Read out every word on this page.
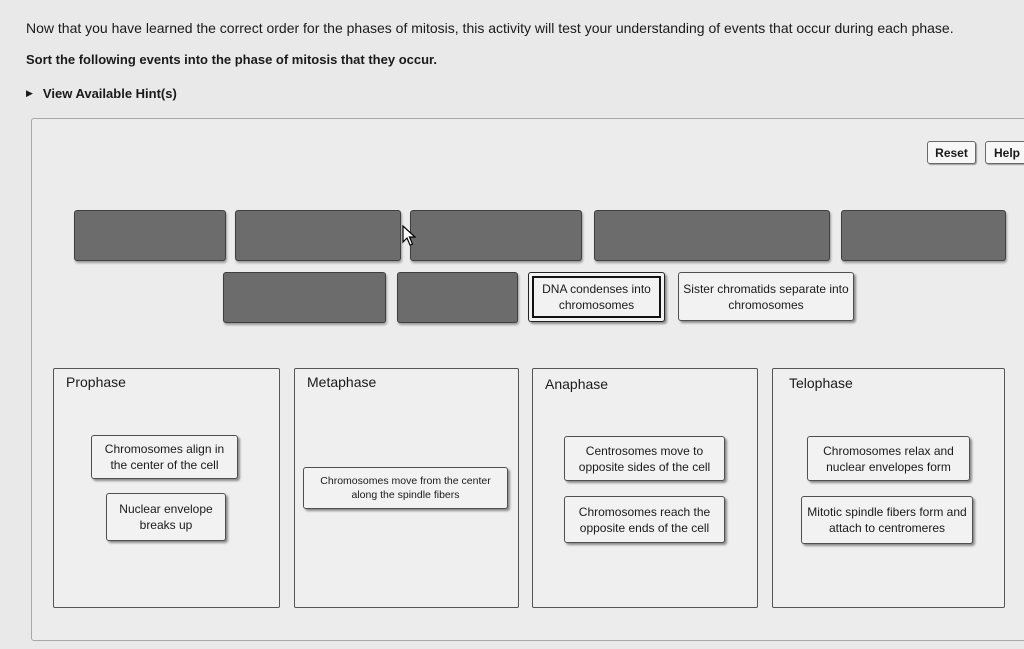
Now that you have learned the correct order for the phases of mitosis, this activity will test your understanding of events that occur during each phase.
Sort the following events into the phase of mitosis that they occur.
▶ View Available Hint(s)
Reset	Help
DNA condenses into chromosomes
Sister chromatids separate into chromosomes
Prophase	Metaphase	Anaphase	Telophase
Chromosomes align in the center of the cell
Nuclear envelope breaks up
Chromosomes move from the center along the spindle fibers
Centrosomes move to opposite sides of the cell
Chromosomes reach the opposite ends of the cell
Chromosomes relax and nuclear envelopes form
Mitotic spindle fibers form and attach to centromeres
